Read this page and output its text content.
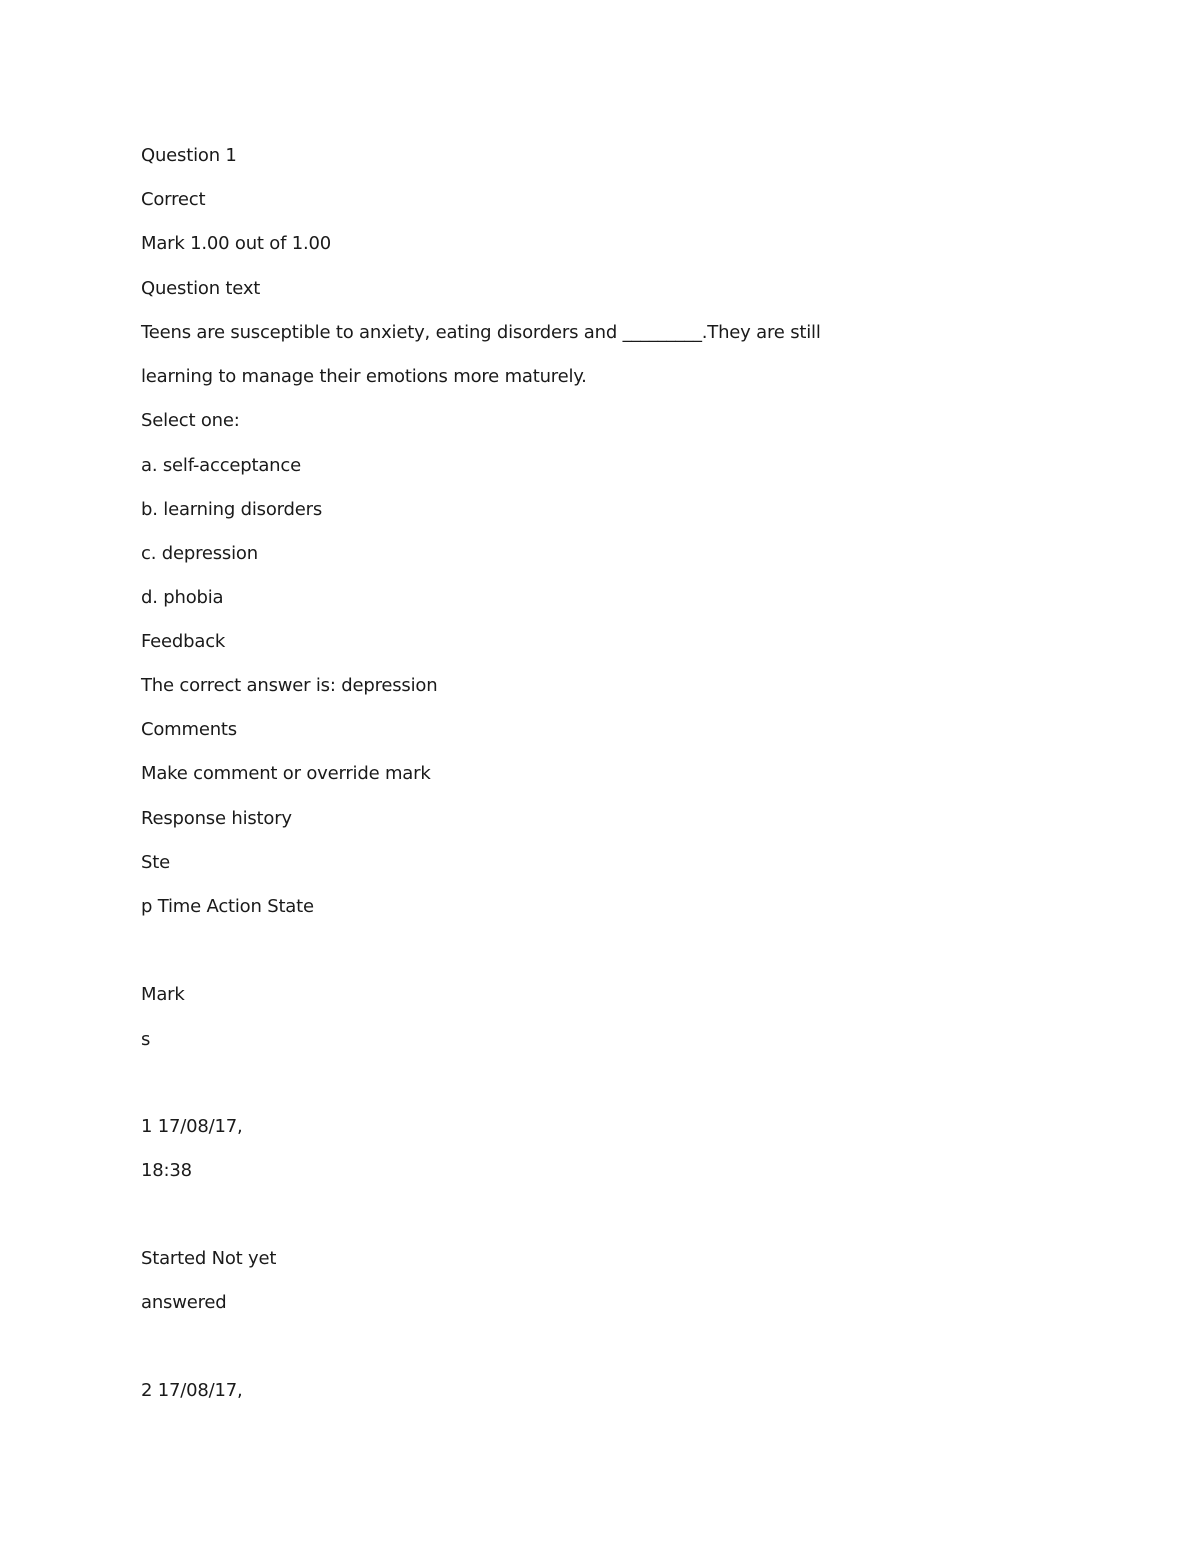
Question 1
Correct
Mark 1.00 out of 1.00
Question text
Teens are susceptible to anxiety, eating disorders and _________.They are still
learning to manage their emotions more maturely.
Select one:
a. self-acceptance
b. learning disorders
c. depression
d. phobia
Feedback
The correct answer is: depression
Comments
Make comment or override mark
Response history
Ste
p Time Action State
Mark
s
1 17/08/17,
18:38
Started Not yet
answered
2 17/08/17,
